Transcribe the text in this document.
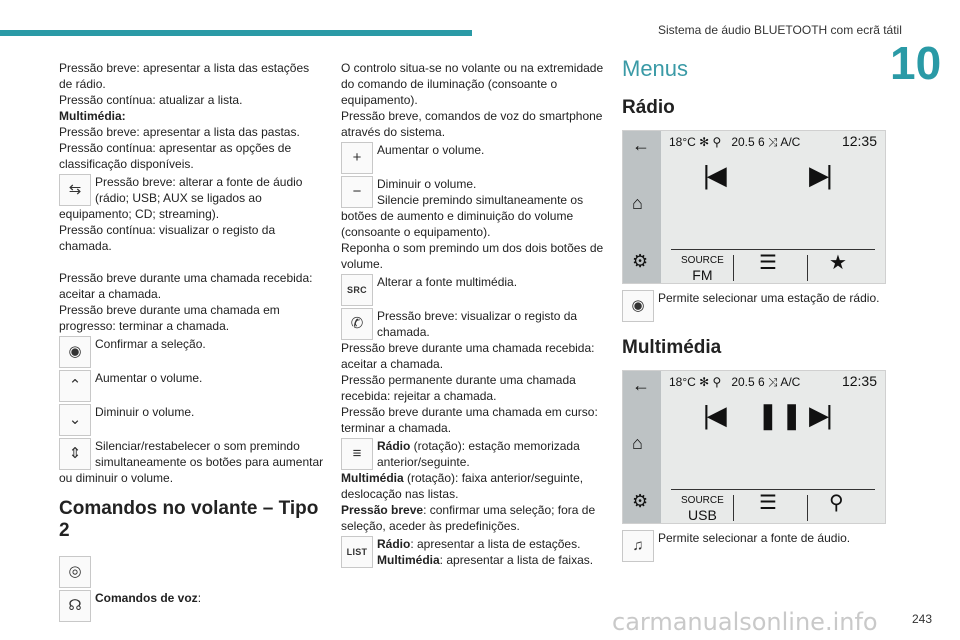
Sistema de áudio BLUETOOTH com ecrã tátil
10
Pressão breve: apresentar a lista das estações de rádio.
Pressão contínua: atualizar a lista.
Multimédia:
Pressão breve: apresentar a lista das pastas.
Pressão contínua: apresentar as opções de classificação disponíveis.
⇆	Pressão breve: alterar a fonte de áudio (rádio; USB; AUX se ligados ao
equipamento; CD; streaming).
Pressão contínua: visualizar o registo da chamada.
Pressão breve durante uma chamada recebida: aceitar a chamada.
Pressão breve durante uma chamada em progresso: terminar a chamada.
◉	Confirmar a seleção.
⌃	Aumentar o volume.
⌄	Diminuir o volume.
⇕	Silenciar/restabelecer o som premindo simultaneamente os botões para aumentar
ou diminuir o volume.
Comandos no volante – Tipo 2
◎
☊	Comandos de voz:
O controlo situa-se no volante ou na extremidade do comando de iluminação (consoante o equipamento).
Pressão breve, comandos de voz do smartphone através do sistema.
+	Aumentar o volume.
−	Diminuir o volume.
Silencie premindo simultaneamente os
botões de aumento e diminuição do volume (consoante o equipamento).
Reponha o som premindo um dos dois botões de volume.
SRC
Alterar a fonte multimédia.
✆	Pressão breve: visualizar o registo da chamada.
Pressão breve durante uma chamada recebida: aceitar a chamada.
Pressão permanente durante uma chamada recebida: rejeitar a chamada.
Pressão breve durante uma chamada em curso: terminar a chamada.
≡	Rádio (rotação): estação memorizada anterior/seguinte.
Multimédia (rotação): faixa anterior/seguinte, deslocação nas listas.
Pressão breve: confirmar uma seleção; fora de seleção, aceder às predefinições.
LIST
Rádio: apresentar a lista de estações.
Multimédia: apresentar a lista de faixas.
Menus
Rádio
←
⌂
⚙
18°C ✻ ⚲   20.5 6 ⤨ A/C	12:35
|◀	▶|
SOURCE
FM
☰	★
◉	Permite selecionar uma estação de rádio.
Multimédia
←
⌂
⚙
18°C ✻ ⚲   20.5 6 ⤨ A/C	12:35
|◀ ❚❚ ▶|
SOURCE
USB
☰	⚲
♫	Permite selecionar a fonte de áudio.
carmanualsonline.info	243
